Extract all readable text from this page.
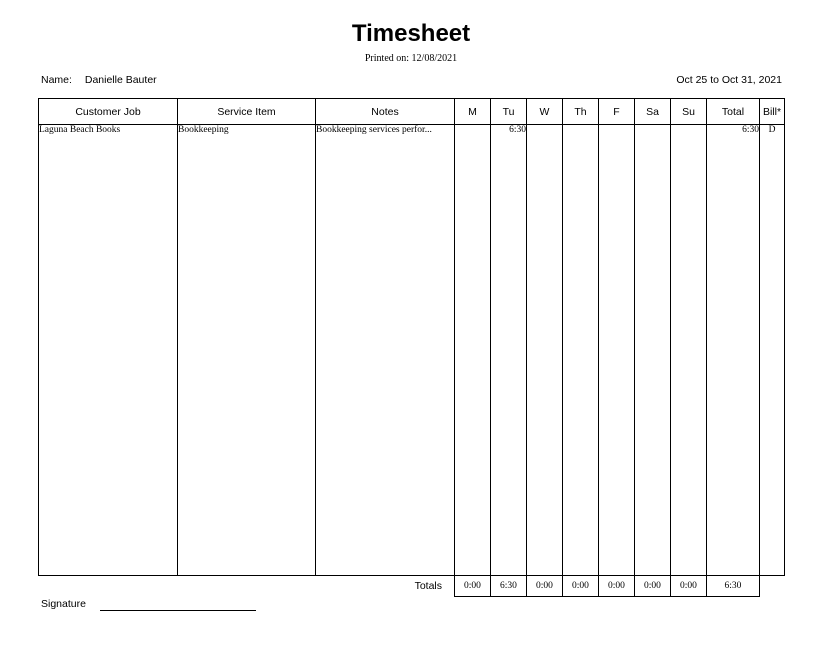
Timesheet
Printed on: 12/08/2021
Name: Danielle Bauter	Oct 25 to Oct 31, 2021
Customer Job	Service Item	Notes	M	Tu	W	Th	F	Sa	Su	Total	Bill*
Laguna Beach Books	Bookkeeping	Bookkeeping services perfor...		6:30						6:30	D

		Totals	0:00	6:30	0:00	0:00	0:00	0:00	0:00	6:30	
Signature
